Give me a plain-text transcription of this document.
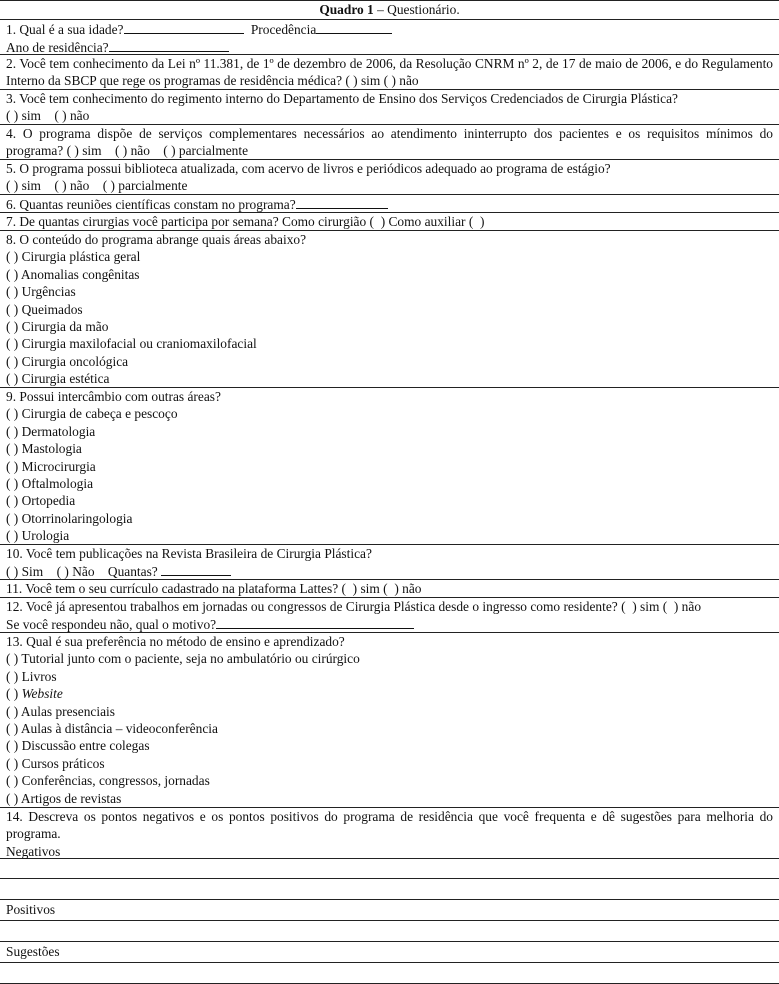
Quadro 1 – Questionário.
1. Qual é a sua idade?	Procedência
Ano de residência?
2. Você tem conhecimento da Lei nº 11.381, de 1º de dezembro de 2006, da Resolução CNRM nº 2, de 17 de maio de 2006, e do Regulamento Interno da SBCP que rege os programas de residência médica? ( ) sim ( ) não
3. Você tem conhecimento do regimento interno do Departamento de Ensino dos Serviços Credenciados de Cirurgia Plástica?
( ) sim    ( ) não
4. O programa dispõe de serviços complementares necessários ao atendimento ininterrupto dos pacientes e os requisitos mínimos do programa? ( ) sim    ( ) não    ( ) parcialmente
5. O programa possui biblioteca atualizada, com acervo de livros e periódicos adequado ao programa de estágio?
( ) sim    ( ) não    ( ) parcialmente
6. Quantas reuniões científicas constam no programa?
7. De quantas cirurgias você participa por semana? Como cirurgião (  ) Como auxiliar (  )
8. O conteúdo do programa abrange quais áreas abaixo?
( ) Cirurgia plástica geral
( ) Anomalias congênitas
( ) Urgências
( ) Queimados
( ) Cirurgia da mão
( ) Cirurgia maxilofacial ou craniomaxilofacial
( ) Cirurgia oncológica
( ) Cirurgia estética
9. Possui intercâmbio com outras áreas?
( ) Cirurgia de cabeça e pescoço
( ) Dermatologia
( ) Mastologia
( ) Microcirurgia
( ) Oftalmologia
( ) Ortopedia
( ) Otorrinolaringologia
( ) Urologia
10. Você tem publicações na Revista Brasileira de Cirurgia Plástica?
( ) Sim    ( ) Não    Quantas?
11. Você tem o seu currículo cadastrado na plataforma Lattes? (  ) sim (  ) não
12. Você já apresentou trabalhos em jornadas ou congressos de Cirurgia Plástica desde o ingresso como residente? (  ) sim (  ) não
Se você respondeu não, qual o motivo?
13. Qual é sua preferência no método de ensino e aprendizado?
( ) Tutorial junto com o paciente, seja no ambulatório ou cirúrgico
( ) Livros
( ) Website
( ) Aulas presenciais
( ) Aulas à distância – videoconferência
( ) Discussão entre colegas
( ) Cursos práticos
( ) Conferências, congressos, jornadas
( ) Artigos de revistas
14. Descreva os pontos negativos e os pontos positivos do programa de residência que você frequenta e dê sugestões para melhoria do programa.
Negativos
Positivos
Sugestões
